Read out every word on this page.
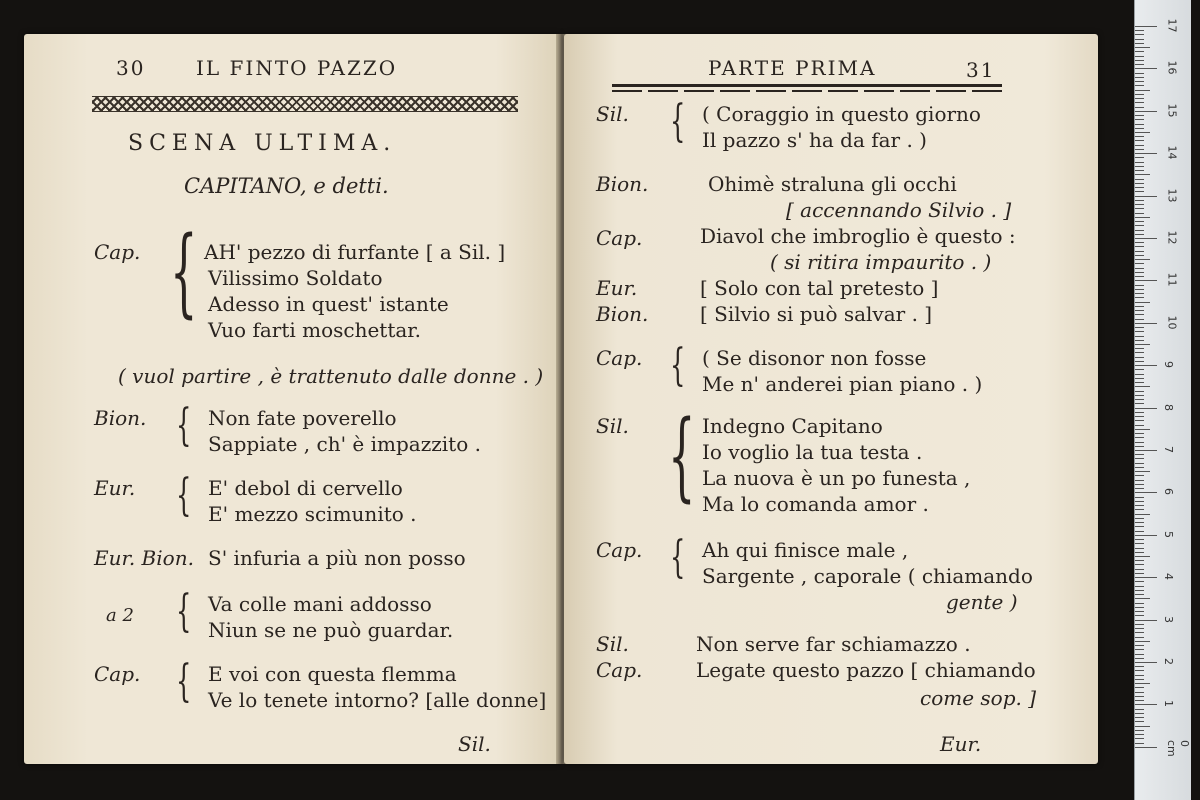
30	IL FINTO PAZZO
SCENA ULTIMA.
CAPITANO, e detti.
Cap. { AH' pezzo di furfante [ a Sil. ]
Vilissimo Soldato
Adesso in quest' istante
Vuo farti moschettar.
( vuol partire , è trattenuto dalle donne . )
Bion. { Non fate poverello
Sappiate , ch' è impazzito .
Eur. { E' debol di cervello
E' mezzo scimunito .
Eur. Bion. S' infuria a più non posso
a 2 { Va colle mani addosso
Niun se ne può guardar.
Cap. { E voi con questa flemma
Ve lo tenete intorno? [alle donne]
Sil.
PARTE PRIMA	31
Sil. { ( Coraggio in questo giorno
Il pazzo s' ha da far . )
Bion.	Ohimè straluna gli occhi
[ accennando Silvio . ]
Cap.	Diavol che imbroglio è questo :
( si ritira impaurito . )
Eur.	[ Solo con tal pretesto ]
Bion.	[ Silvio si può salvar . ]
Cap. { ( Se disonor non fosse
Me n' anderei pian piano . )
Sil. { Indegno Capitano
Io voglio la tua testa .
La nuova è un po funesta ,
Ma lo comanda amor .
Cap. { Ah qui finisce male ,
Sargente , caporale ( chiamando
gente )
Sil.	Non serve far schiamazzo .
Cap.	Legate questo pazzo [ chiamando
come sop. ]
Eur.
17
16
15
14
13
12
11
10
9
8
7
6
5
4
3
2
1
0 cm
